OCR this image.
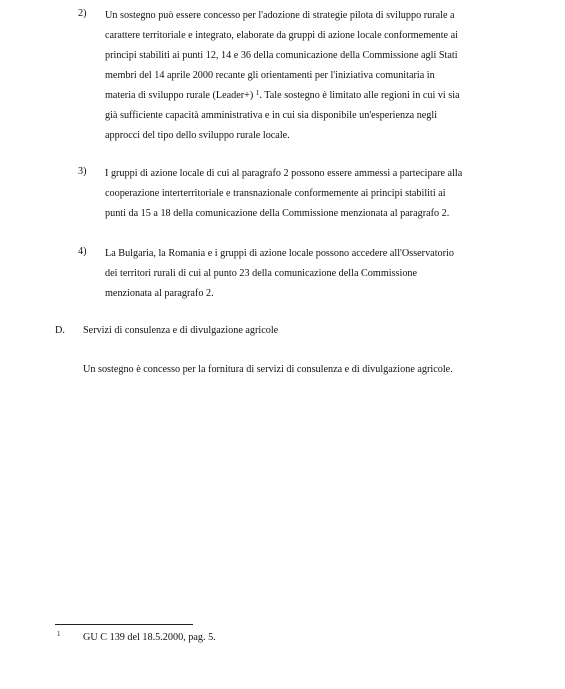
2) Un sostegno può essere concesso per l'adozione di strategie pilota di sviluppo rurale a
carattere territoriale e integrato, elaborate da gruppi di azione locale conformemente ai
principi stabiliti ai punti 12, 14 e 36 della comunicazione della Commissione agli Stati
membri del 14 aprile 2000 recante gli orientamenti per l'iniziativa comunitaria in
materia di sviluppo rurale (Leader+) $^1$. Tale sostegno è limitato alle regioni in cui vi sia
già sufficiente capacità amministrativa e in cui sia disponibile un'esperienza negli
approcci del tipo dello sviluppo rurale locale.
3) I gruppi di azione locale di cui al paragrafo 2 possono essere ammessi a partecipare alla
cooperazione interterritoriale e transnazionale conformemente ai principi stabiliti ai
punti da 15 a 18 della comunicazione della Commissione menzionata al paragrafo 2.
4) La Bulgaria, la Romania e i gruppi di azione locale possono accedere all'Osservatorio
dei territori rurali di cui al punto 23 della comunicazione della Commissione
menzionata al paragrafo 2.
D. Servizi di consulenza e di divulgazione agricole
Un sostegno è concesso per la fornitura di servizi di consulenza e di divulgazione agricole.
1 GU C 139 del 18.5.2000, pag. 5.
